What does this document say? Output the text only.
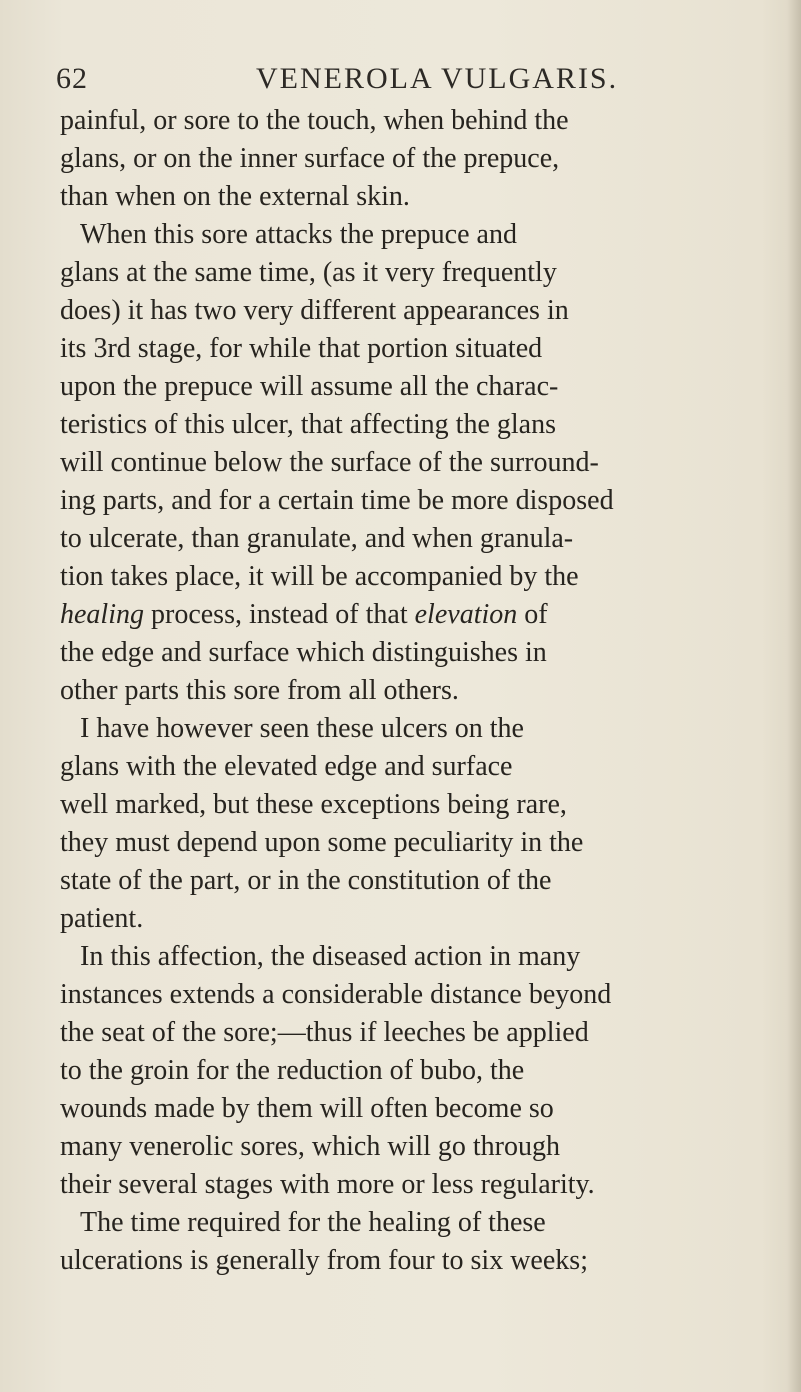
62	VENEROLA VULGARIS.
painful, or sore to the touch, when behind the
glans, or on the inner surface of the prepuce,
than when on the external skin.
When this sore attacks the prepuce and
glans at the same time, (as it very frequently
does) it has two very different appearances in
its 3rd stage, for while that portion situated
upon the prepuce will assume all the charac-
teristics of this ulcer, that affecting the glans
will continue below the surface of the surround-
ing parts, and for a certain time be more disposed
to ulcerate, than granulate, and when granula-
tion takes place, it will be accompanied by the
healing process, instead of that elevation of
the edge and surface which distinguishes in
other parts this sore from all others.
I have however seen these ulcers on the
glans with the elevated edge and surface
well marked, but these exceptions being rare,
they must depend upon some peculiarity in the
state of the part, or in the constitution of the
patient.
In this affection, the diseased action in many
instances extends a considerable distance beyond
the seat of the sore;—thus if leeches be applied
to the groin for the reduction of bubo, the
wounds made by them will often become so
many venerolic sores, which will go through
their several stages with more or less regularity.
The time required for the healing of these
ulcerations is generally from four to six weeks;
